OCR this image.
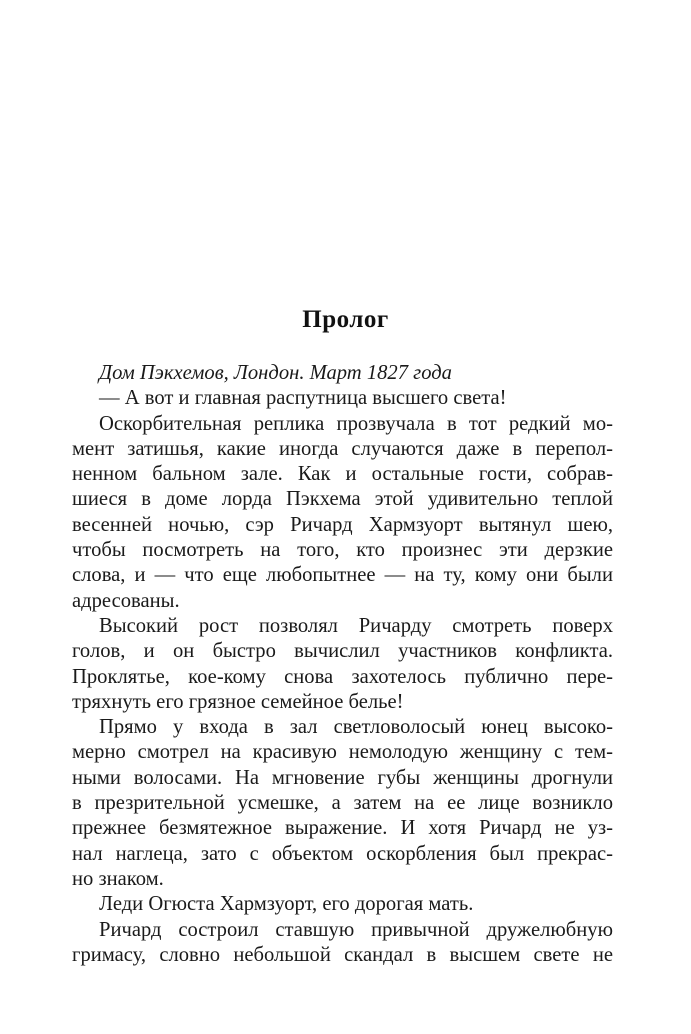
Пролог
Дом Пэкхемов, Лондон. Март 1827 года
— А вот и главная распутница высшего света!
Оскорбительная реплика прозвучала в тот редкий мо-
мент затишья, какие иногда случаются даже в перепол-
ненном бальном зале. Как и остальные гости, собрав-
шиеся в доме лорда Пэкхема этой удивительно теплой
весенней ночью, сэр Ричард Хармзуорт вытянул шею,
чтобы посмотреть на того, кто произнес эти дерзкие
слова, и — что еще любопытнее — на ту, кому они были
адресованы.
Высокий рост позволял Ричарду смотреть поверх
голов, и он быстро вычислил участников конфликта.
Проклятье, кое-кому снова захотелось публично пере-
тряхнуть его грязное семейное белье!
Прямо у входа в зал светловолосый юнец высоко-
мерно смотрел на красивую немолодую женщину с тем-
ными волосами. На мгновение губы женщины дрогнули
в презрительной усмешке, а затем на ее лице возникло
прежнее безмятежное выражение. И хотя Ричард не уз-
нал наглеца, зато с объектом оскорбления был прекрас-
но знаком.
Леди Огюста Хармзуорт, его дорогая мать.
Ричард состроил ставшую привычной дружелюбную
гримасу, словно небольшой скандал в высшем свете не
